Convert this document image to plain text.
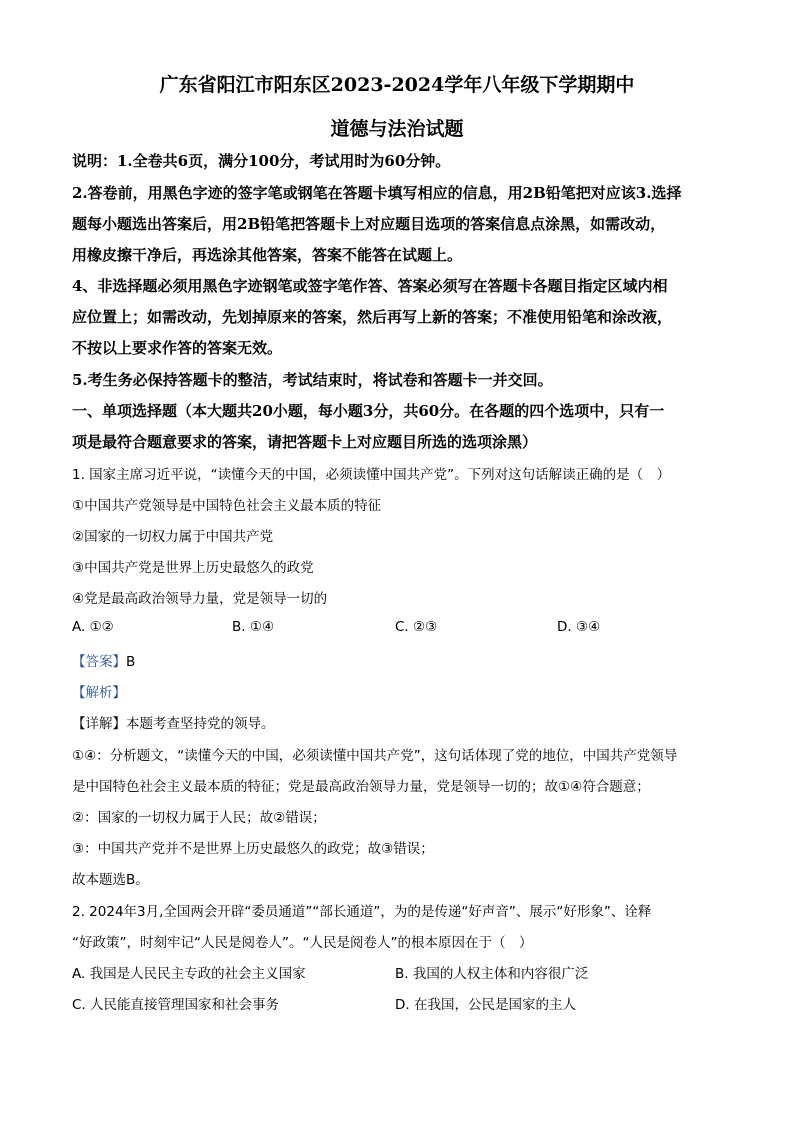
广东省阳江市阳东区2023-2024学年八年级下学期期中
道德与法治试题
说明：1.全卷共6页，满分100分，考试用时为60分钟。
2.答卷前，用黑色字迹的签字笔或钢笔在答题卡填写相应的信息，用2B铅笔把对应该3.选择
题每小题选出答案后，用2B铅笔把答题卡上对应题目选项的答案信息点涂黑，如需改动，
用橡皮擦干净后，再选涂其他答案，答案不能答在试题上。
4、非选择题必须用黑色字迹钢笔或签字笔作答、答案必须写在答题卡各题目指定区域内相
应位置上；如需改动，先划掉原来的答案，然后再写上新的答案；不准使用铅笔和涂改液，
不按以上要求作答的答案无效。
5.考生务必保持答题卡的整洁，考试结束时，将试卷和答题卡一并交回。
一、单项选择题（本大题共20小题，每小题3分，共60分。在各题的四个选项中，只有一
项是最符合题意要求的答案，请把答题卡上对应题目所选的选项涂黑）
1. 国家主席习近平说，“读懂今天的中国，必须读懂中国共产党”。下列对这句话解读正确的是（　）
①中国共产党领导是中国特色社会主义最本质的特征
②国家的一切权力属于中国共产党
③中国共产党是世界上历史最悠久的政党
④党是最高政治领导力量，党是领导一切的
A. ①②	B. ①④	C. ②③	D. ③④
【答案】B
【解析】
【详解】本题考查坚持党的领导。
①④：分析题文，“读懂今天的中国，必须读懂中国共产党”，这句话体现了党的地位，中国共产党领导
是中国特色社会主义最本质的特征；党是最高政治领导力量，党是领导一切的；故①④符合题意；
②：国家的一切权力属于人民；故②错误；
③：中国共产党并不是世界上历史最悠久的政党；故③错误；
故本题选B。
2. 2024年3月,全国两会开辟“委员通道”“部长通道”，为的是传递“好声音”、展示“好形象”、诠释
“好政策”，时刻牢记“人民是阅卷人”。“人民是阅卷人”的根本原因在于（　）
A. 我国是人民民主专政的社会主义国家	B. 我国的人权主体和内容很广泛
C. 人民能直接管理国家和社会事务	D. 在我国，公民是国家的主人
